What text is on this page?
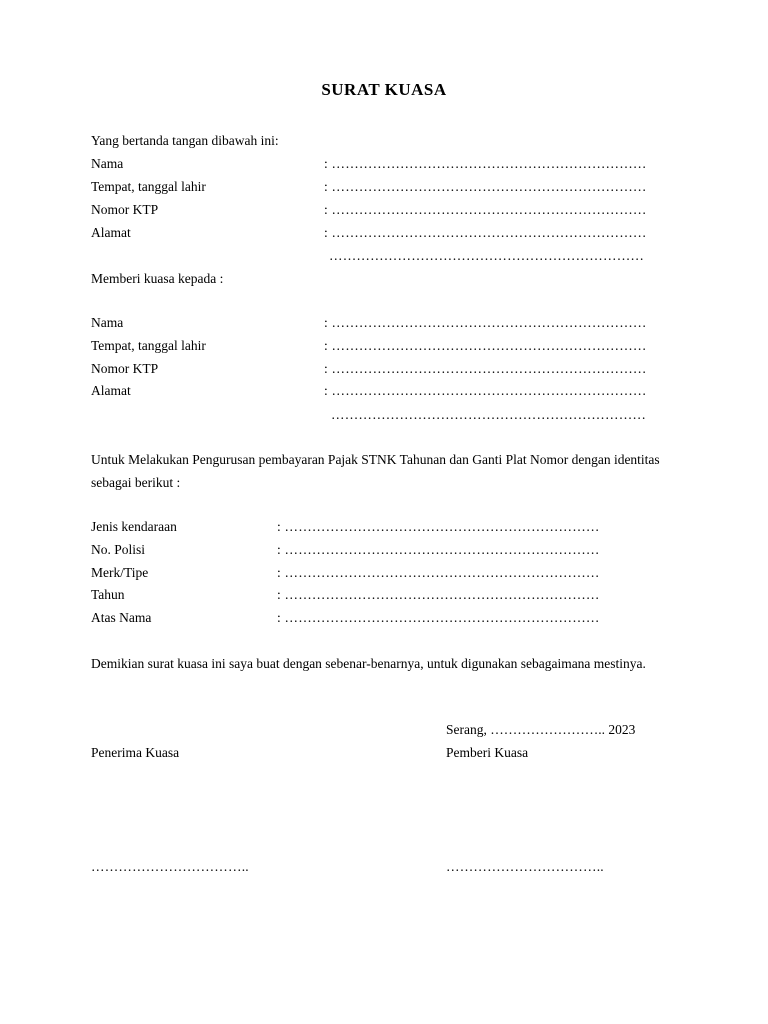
SURAT KUASA
Yang bertanda tangan dibawah ini:
Nama	: ……………………………………………………………
Tempat, tanggal lahir	: ……………………………………………………………
Nomor KTP	: ……………………………………………………………
Alamat	: ……………………………………………………………
……………………………………………………………
Memberi kuasa kepada :
Nama	: ……………………………………………………………
Tempat, tanggal lahir	: ……………………………………………………………
Nomor KTP	: ……………………………………………………………
Alamat	: ……………………………………………………………
……………………………………………………………
Untuk Melakukan Pengurusan pembayaran Pajak STNK Tahunan dan Ganti Plat Nomor dengan identitas sebagai berikut :
Jenis kendaraan	: ……………………………………………………………
No. Polisi	: ……………………………………………………………
Merk/Tipe	: ……………………………………………………………
Tahun	: ……………………………………………………………
Atas Nama	: ……………………………………………………………
Demikian surat kuasa ini saya buat dengan sebenar-benarnya, untuk digunakan sebagaimana mestinya.
Serang, …………………….. 2023
Penerima Kuasa	Pemberi Kuasa
……………………………..	……………………………..
